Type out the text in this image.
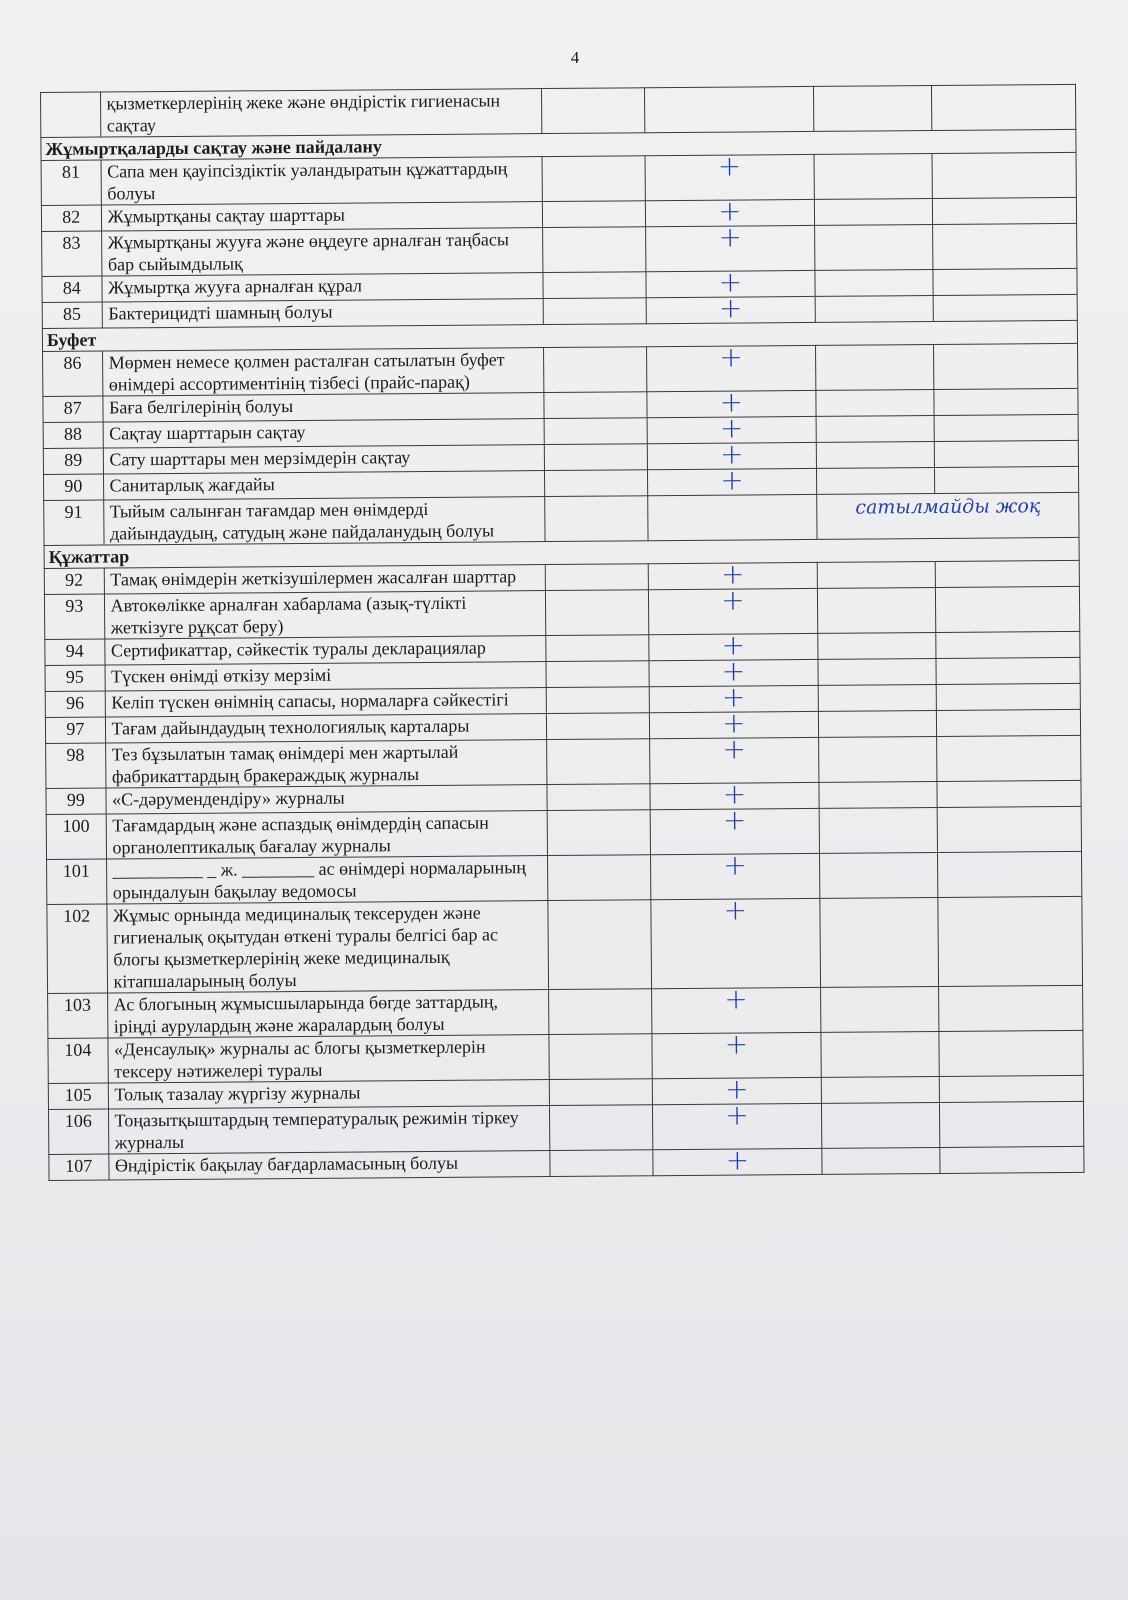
4
	қызметкерлерінің жеке және өндірістік гигиенасын сақтау				
Жұмыртқаларды сақтау және пайдалану					
81	Сапа мен қауіпсіздіктік уәландыратын құжаттардың болуы		+		
82	Жұмыртқаны сақтау шарттары		+		
83	Жұмыртқаны жууға және өңдеуге арналған таңбасы бар сыйымдылық		+		
84	Жұмыртқа жууға арналған құрал		+		
85	Бактерицидті шамның болуы		+		
Буфет					
86	Мөрмен немесе қолмен расталған сатылатын буфет өнімдері ассортиментінің тізбесі (прайс-парақ)		+		
87	Баға белгілерінің болуы		+		
88	Сақтау шарттарын сақтау		+		
89	Сату шарттары мен мерзімдерін сақтау		+		
90	Санитарлық жағдайы		+		
91	Тыйым салынған тағамдар мен өнімдерді дайындаудың, сатудың және пайдаланудың болуы			сатылмайды жоқ	
Құжаттар					
92	Тамақ өнімдерін жеткізушілермен жасалған шарттар		+		
93	Автокөлікке арналған хабарлама (азық-түлікті жеткізуге рұқсат беру)		+		
94	Сертификаттар, сәйкестік туралы декларациялар		+		
95	Түскен өнімді өткізу мерзімі		+		
96	Келіп түскен өнімнің сапасы, нормаларға сәйкестігі		+		
97	Тағам дайындаудың технологиялық карталары		+		
98	Тез бұзылатын тамақ өнімдері мен жартылай фабрикаттардың бракераждық журналы		+		
99	«С-дәрумендендіру» журналы		+		
100	Тағамдардың және аспаздық өнімдердің сапасын органолептикалық бағалау журналы		+		
101	__________ _ ж. ________ ас өнімдері нормаларының орындалуын бақылау ведомосы		+		
102	Жұмыс орнында медициналық тексеруден және гигиеналық оқытудан өткені туралы белгісі бар ас блогы қызметкерлерінің жеке медициналық кітапшаларының болуы		+		
103	Ас блогының жұмысшыларында бөгде заттардың, іріңді аурулардың және жаралардың болуы		+		
104	«Денсаулық» журналы ас блогы қызметкерлерін тексеру нәтижелері туралы		+		
105	Толық тазалау жүргізу журналы		+		
106	Тоңазытқыштардың температуралық режимін тіркеу журналы		+		
107	Өндірістік бақылау бағдарламасының болуы		+		
